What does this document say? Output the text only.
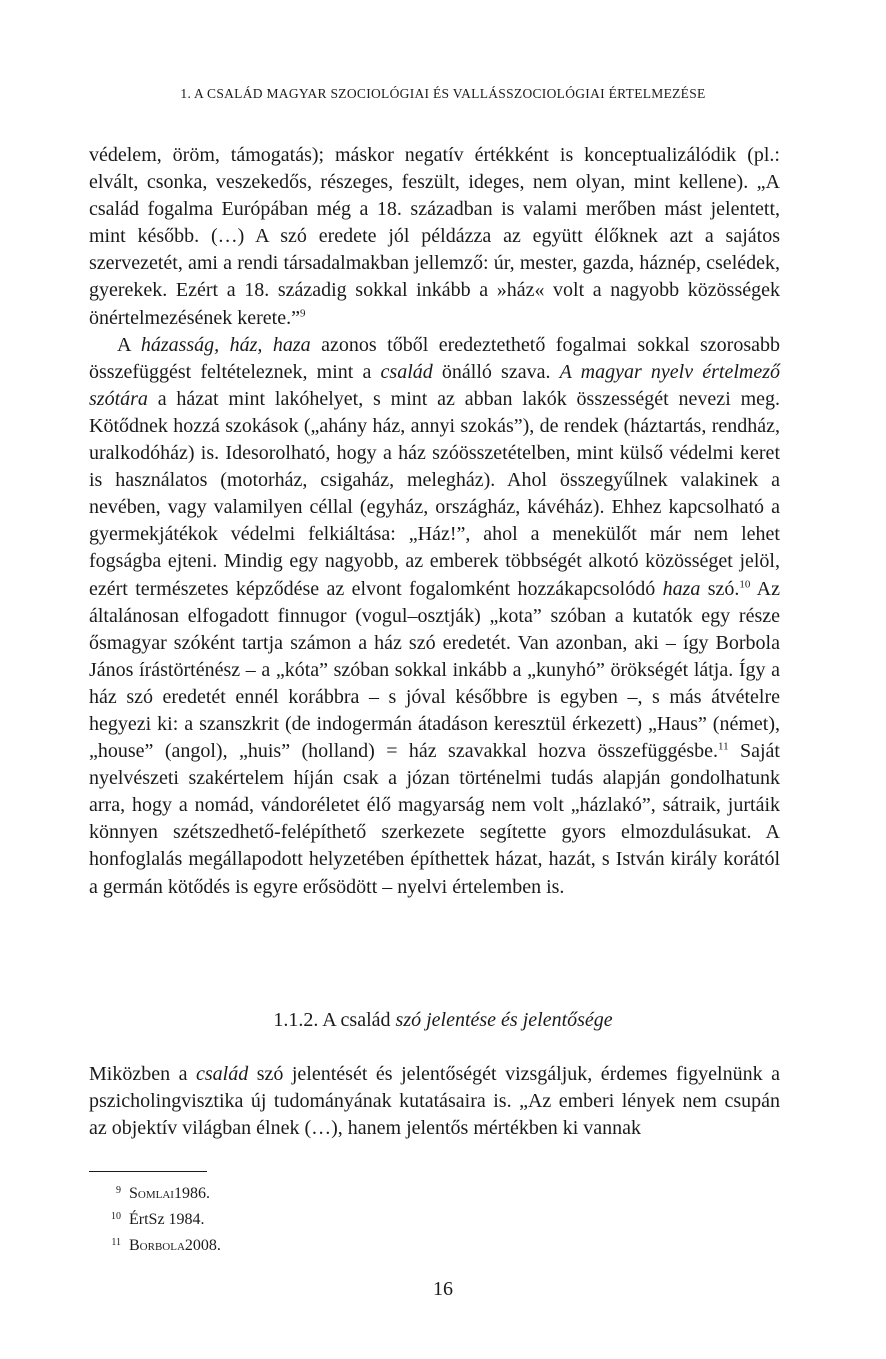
1. A CSALÁD MAGYAR SZOCIOLÓGIAI ÉS VALLÁSSZOCIOLÓGIAI ÉRTELMEZÉSE

védelem, öröm, támogatás); máskor negatív értékként is konceptualizálódik (pl.: elvált, csonka, veszekedős, részeges, feszült, ideges, nem olyan, mint kellene). „A család fogalma Európában még a 18. században is valami merőben mást jelentett, mint később. (…) A szó eredete jól példázza az együtt élőknek azt a sajátos szervezetét, ami a rendi társadalmakban jellemző: úr, mester, gazda, háznép, cselédek, gyerekek. Ezért a 18. századig sokkal inkább a »ház« volt a nagyobb közösségek önértelmezésének kerete.”$^9$

A házasság, ház, haza azonos tőből eredeztethető fogalmai sokkal szorosabb összefüggést feltételeznek, mint a család önálló szava. A magyar nyelv értelmező szótára a házat mint lakóhelyet, s mint az abban lakók összességét nevezi meg. Kötődnek hozzá szokások („ahány ház, annyi szokás”), de rendek (háztartás, rendház, uralkodóház) is. Idesorolható, hogy a ház szóösszetételben, mint külső védelmi keret is használatos (motorház, csigaház, melegház). Ahol összegyűlnek valakinek a nevében, vagy valamilyen céllal (egyház, országház, kávéház). Ehhez kapcsolható a gyermekjátékok védelmi felkiáltása: „Ház!”, ahol a menekülőt már nem lehet fogságba ejteni. Mindig egy nagyobb, az emberek többségét alkotó közösséget jelöl, ezért természetes képződése az elvont fogalomként hozzákapcsolódó haza szó.$^{10}$ Az általánosan elfogadott finnugor (vogul–osztják) „kota” szóban a kutatók egy része ősmagyar szóként tartja számon a ház szó eredetét. Van azonban, aki – így Borbola János írástörténész – a „kóta” szóban sokkal inkább a „kunyhó” örökségét látja. Így a ház szó eredetét ennél korábbra – s jóval későbbre is egyben –, s más átvételre hegyezi ki: a szanszkrit (de indogermán átadáson keresztül érkezett) „Haus” (német), „house” (angol), „huis” (holland) = ház szavakkal hozva összefüggésbe.$^{11}$ Saját nyelvészeti szakértelem híján csak a józan történelmi tudás alapján gondolhatunk arra, hogy a nomád, vándoréletet élő magyarság nem volt „házlakó”, sátraik, jurtáik könnyen szétszedhető-felépíthető szerkezete segítette gyors elmozdulásukat. A honfoglalás megállapodott helyzetében építhettek házat, hazát, s István király korától a germán kötődés is egyre erősödött – nyelvi értelemben is.

1.1.2. A család szó jelentése és jelentősége

Miközben a család szó jelentését és jelentőségét vizsgáljuk, érdemes figyelnünk a pszicholingvisztika új tudományának kutatásaira is. „Az emberi lények nem csupán az objektív világban élnek (…), hanem jelentős mértékben ki vannak

9 Somlai 1986.
10 ÉrtSz 1984.
11 Borbola 2008.
16
